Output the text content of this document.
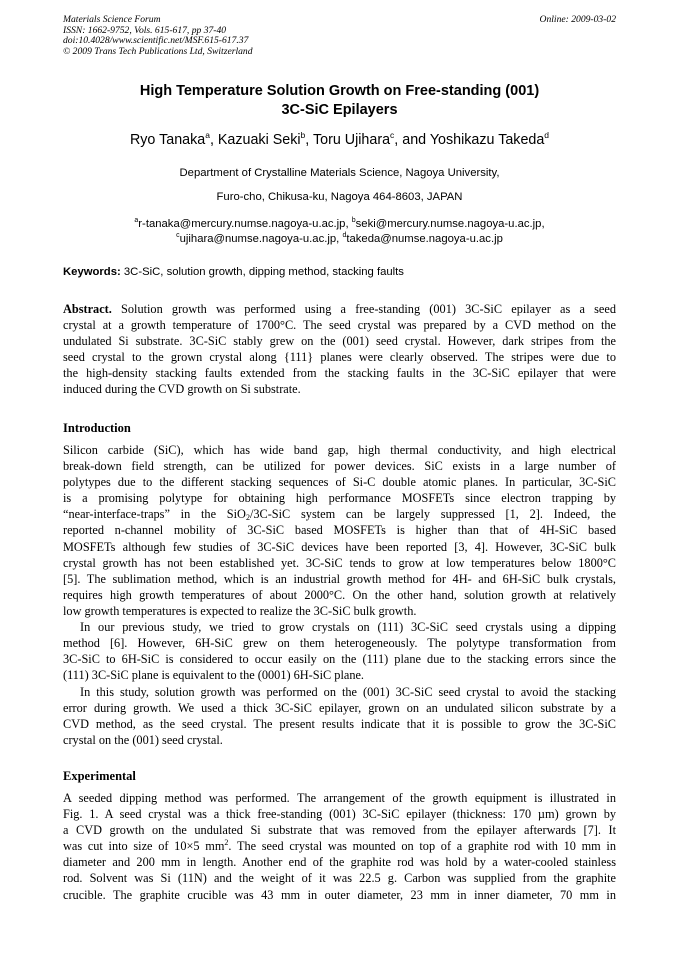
Materials Science Forum
ISSN: 1662-9752, Vols. 615-617, pp 37-40
doi:10.4028/www.scientific.net/MSF.615-617.37
© 2009 Trans Tech Publications Ltd, Switzerland
Online: 2009-03-02
High Temperature Solution Growth on Free-standing (001)
3C-SiC Epilayers
Ryo Tanaka$^a$, Kazuaki Seki$^b$, Toru Ujihara$^c$, and Yoshikazu Takeda$^d$
Department of Crystalline Materials Science, Nagoya University,
Furo-cho, Chikusa-ku, Nagoya 464-8603, JAPAN
$^a$r-tanaka@mercury.numse.nagoya-u.ac.jp, $^b$seki@mercury.numse.nagoya-u.ac.jp,
$^c$ujihara@numse.nagoya-u.ac.jp, $^d$takeda@numse.nagoya-u.ac.jp
Keywords: 3C-SiC, solution growth, dipping method, stacking faults
Abstract. Solution growth was performed using a free-standing (001) 3C-SiC epilayer as a seed
crystal at a growth temperature of 1700°C. The seed crystal was prepared by a CVD method on the
undulated Si substrate. 3C-SiC stably grew on the (001) seed crystal. However, dark stripes from the
seed crystal to the grown crystal along {111} planes were clearly observed. The stripes were due to
the high-density stacking faults extended from the stacking faults in the 3C-SiC epilayer that were
induced during the CVD growth on Si substrate.
Introduction
Silicon carbide (SiC), which has wide band gap, high thermal conductivity, and high electrical
break-down field strength, can be utilized for power devices. SiC exists in a large number of
polytypes due to the different stacking sequences of Si-C double atomic planes. In particular, 3C-SiC
is a promising polytype for obtaining high performance MOSFETs since electron trapping by
“near-interface-traps” in the SiO$_2$/3C-SiC system can be largely suppressed [1, 2]. Indeed, the
reported n-channel mobility of 3C-SiC based MOSFETs is higher than that of 4H-SiC based
MOSFETs although few studies of 3C-SiC devices have been reported [3, 4]. However, 3C-SiC bulk
crystal growth has not been established yet. 3C-SiC tends to grow at low temperatures below 1800°C
[5]. The sublimation method, which is an industrial growth method for 4H- and 6H-SiC bulk crystals,
requires high growth temperatures of about 2000°C. On the other hand, solution growth at relatively
low growth temperatures is expected to realize the 3C-SiC bulk growth.
In our previous study, we tried to grow crystals on (111) 3C-SiC seed crystals using a dipping
method [6]. However, 6H-SiC grew on them heterogeneously. The polytype transformation from
3C-SiC to 6H-SiC is considered to occur easily on the (111) plane due to the stacking errors since the
(111) 3C-SiC plane is equivalent to the (0001) 6H-SiC plane.
In this study, solution growth was performed on the (001) 3C-SiC seed crystal to avoid the stacking
error during growth. We used a thick 3C-SiC epilayer, grown on an undulated silicon substrate by a
CVD method, as the seed crystal. The present results indicate that it is possible to grow the 3C-SiC
crystal on the (001) seed crystal.
Experimental
A seeded dipping method was performed. The arrangement of the growth equipment is illustrated in
Fig. 1. A seed crystal was a thick free-standing (001) 3C-SiC epilayer (thickness: 170 µm) grown by
a CVD growth on the undulated Si substrate that was removed from the epilayer afterwards [7]. It
was cut into size of 10×5 $mm^2$. The seed crystal was mounted on top of a graphite rod with 10 mm in
diameter and 200 mm in length. Another end of the graphite rod was hold by a water-cooled stainless
rod. Solvent was Si (11N) and the weight of it was 22.5 g. Carbon was supplied from the graphite
crucible. The graphite crucible was 43 mm in outer diameter, 23 mm in inner diameter, 70 mm in
